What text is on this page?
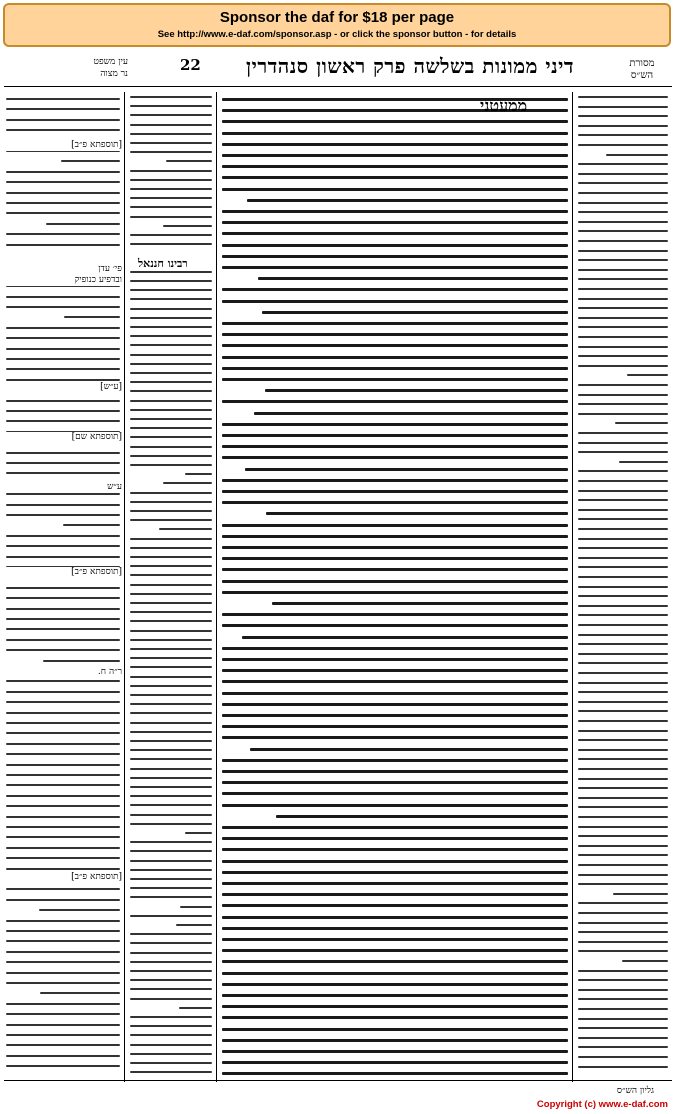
Sponsor the daf for $18 per page
See http://www.e-daf.com/sponsor.asp - or click the sponsor button - for details
עין משפט
נר מצוה	22 דיני ממונות בשלשה פרק ראשון סנהדרין	מסורת
הש״ס
ממעטני
רבינו חננאל
גליון הש״ס
[תוספתא פ״ב]
פי׳ עדן
ובדפיע כנופיק
[ע״ש]
[תוספתא שם]
ע״ש
[תוספתא פ״ב]
ר״ה ח.
[תוספתא פ״ב]
Copyright (c) www.e-daf.com
